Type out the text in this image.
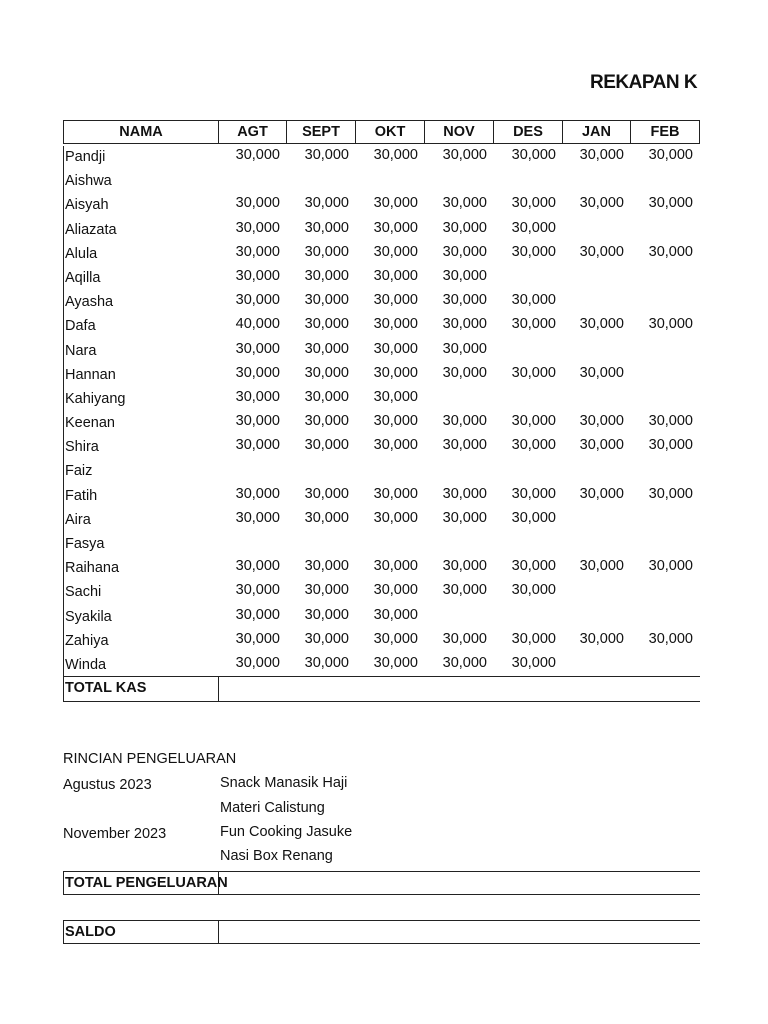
REKAPAN K
NAMA	AGT	SEPT	OKT	NOV	DES	JAN	FEB
Pandji	30,000	30,000	30,000	30,000	30,000	30,000	30,000
Aishwa
Aisyah	30,000	30,000	30,000	30,000	30,000	30,000	30,000
Aliazata	30,000	30,000	30,000	30,000	30,000
Alula	30,000	30,000	30,000	30,000	30,000	30,000	30,000
Aqilla	30,000	30,000	30,000	30,000
Ayasha	30,000	30,000	30,000	30,000	30,000
Dafa	40,000	30,000	30,000	30,000	30,000	30,000	30,000
Nara	30,000	30,000	30,000	30,000
Hannan	30,000	30,000	30,000	30,000	30,000	30,000
Kahiyang	30,000	30,000	30,000
Keenan	30,000	30,000	30,000	30,000	30,000	30,000	30,000
Shira	30,000	30,000	30,000	30,000	30,000	30,000	30,000
Faiz
Fatih	30,000	30,000	30,000	30,000	30,000	30,000	30,000
Aira	30,000	30,000	30,000	30,000	30,000
Fasya
Raihana	30,000	30,000	30,000	30,000	30,000	30,000	30,000
Sachi	30,000	30,000	30,000	30,000	30,000
Syakila	30,000	30,000	30,000
Zahiya	30,000	30,000	30,000	30,000	30,000	30,000	30,000
Winda	30,000	30,000	30,000	30,000	30,000
TOTAL KAS
RINCIAN PENGELUARAN
Agustus 2023	Snack Manasik Haji
Materi Calistung
November 2023	Fun Cooking Jasuke
Nasi Box Renang
TOTAL PENGELUARAN
SALDO
